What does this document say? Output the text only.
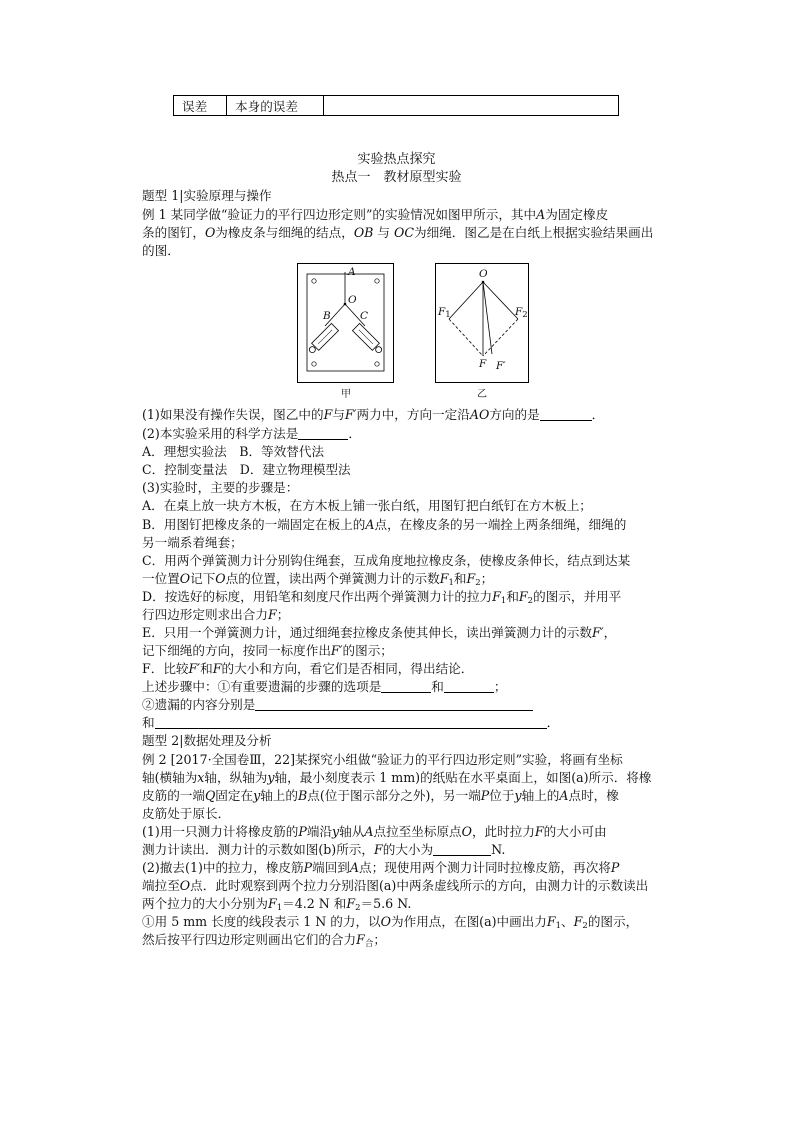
误差	本身的误差	
实验热点探究
热点一　教材原型实验
题型 1|实验原理与操作
例 1 某同学做“验证力的平行四边形定则”的实验情况如图甲所示，其中A为固定橡皮
条的图钉，O为橡皮条与细绳的结点，OB 与 OC为细绳．图乙是在白纸上根据实验结果画出
的图．
A
O
B	C
甲
O
$F_1$	$F_2$
F F′
乙
(1)如果没有操作失误，图乙中的F与F′两力中，方向一定沿AO方向的是	．
(2)本实验采用的科学方法是	．
A．理想实验法　B．等效替代法
C．控制变量法　D．建立物理模型法
(3)实验时，主要的步骤是：
A．在桌上放一块方木板，在方木板上铺一张白纸，用图钉把白纸钉在方木板上；
B．用图钉把橡皮条的一端固定在板上的A点，在橡皮条的另一端拴上两条细绳，细绳的
另一端系着绳套；
C．用两个弹簧测力计分别钩住绳套，互成角度地拉橡皮条，使橡皮条伸长，结点到达某
一位置O记下O点的位置，读出两个弹簧测力计的示数$F_1$和$F_2$；
D．按选好的标度，用铅笔和刻度尺作出两个弹簧测力计的拉力$F_1$和$F_2$的图示，并用平
行四边形定则求出合力F；
E．只用一个弹簧测力计，通过细绳套拉橡皮条使其伸长，读出弹簧测力计的示数F′，
记下细绳的方向，按同一标度作出F′的图示；
F．比较F′和F的大小和方向，看它们是否相同，得出结论．
上述步骤中：①有重要遗漏的步骤的选项是	和	；
②遗漏的内容分别是
和	．
题型 2|数据处理及分析
例 2 [2017·全国卷Ⅲ，22]某探究小组做“验证力的平行四边形定则”实验，将画有坐标
轴(横轴为x轴，纵轴为y轴，最小刻度表示 1 mm)的纸贴在水平桌面上，如图(a)所示．将橡
皮筋的一端Q固定在y轴上的B点(位于图示部分之外)，另一端P位于y轴上的A点时，橡
皮筋处于原长．
(1)用一只测力计将橡皮筋的P端沿y轴从A点拉至坐标原点O，此时拉力F的大小可由
测力计读出．测力计的示数如图(b)所示，F的大小为	N.
(2)撤去(1)中的拉力，橡皮筋P端回到A点；现使用两个测力计同时拉橡皮筋，再次将P
端拉至O点．此时观察到两个拉力分别沿图(a)中两条虚线所示的方向，由测力计的示数读出
两个拉力的大小分别为$F_1=4.2$ N 和$F_2=5.6$ N.
①用 5 mm 长度的线段表示 1 N 的力，以O为作用点，在图(a)中画出力$F_1$、$F_2$的图示，
然后按平行四边形定则画出它们的合力$F_合$；
